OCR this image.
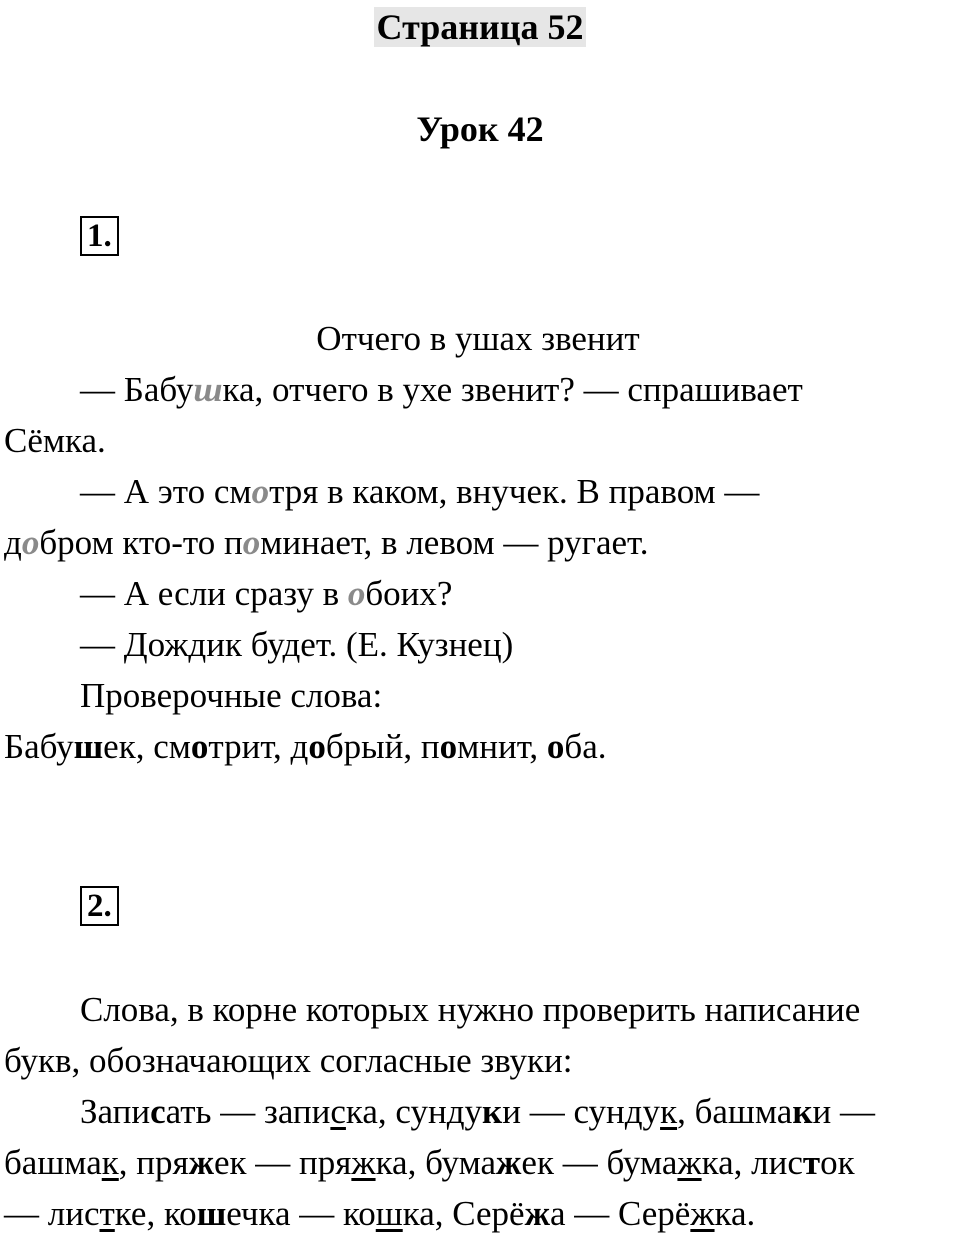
Страница 52
Урок 42
1.
Отчего в ушах звенит
— Бабушка, отчего в ухе звенит? — спрашивает
Сёмка.
— А это смотря в каком, внучек. В правом —
добром кто-то поминает, в левом — ругает.
— А если сразу в обоих?
— Дождик будет. (Е. Кузнец)
Проверочные слова:
Бабушек, смотрит, добрый, помнит, оба.
2.
Слова, в корне которых нужно проверить написание
букв, обозначающих согласные звуки:
Записать — записка, сундуки — сундук, башмаки —
башмак, пряжек — пряжка, бумажек — бумажка, листок
— листке, кошечка — кошка, Серёжа — Серёжка.
